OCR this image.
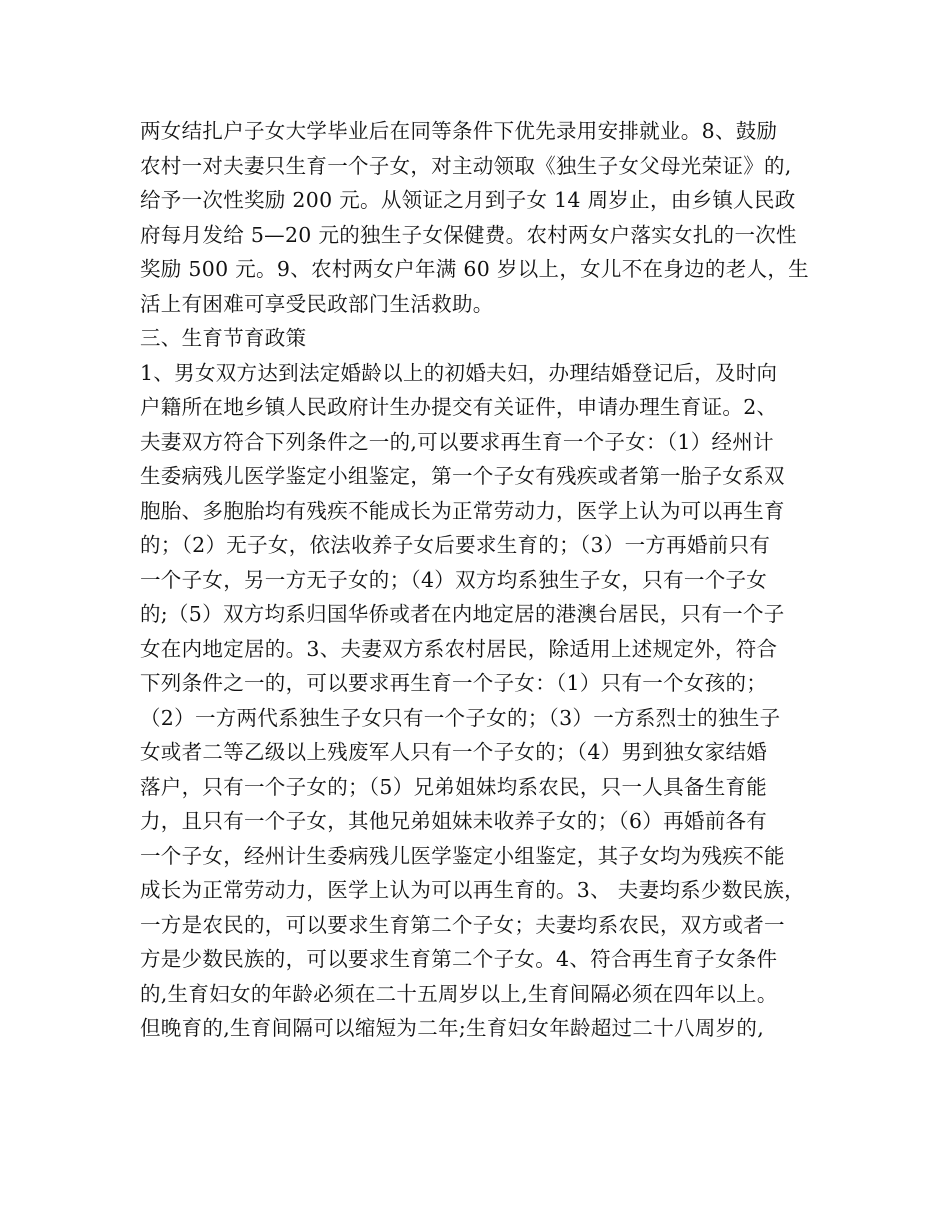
两女结扎户子女大学毕业后在同等条件下优先录用安排就业。8、鼓励
农村一对夫妻只生育一个子女，对主动领取《独生子女父母光荣证》的,
给予一次性奖励 200 元。从领证之月到子女 14 周岁止，由乡镇人民政
府每月发给 5—20 元的独生子女保健费。农村两女户落实女扎的一次性
奖励 500 元。9、农村两女户年满 60 岁以上，女儿不在身边的老人，生
活上有困难可享受民政部门生活救助。
三、生育节育政策
1、男女双方达到法定婚龄以上的初婚夫妇，办理结婚登记后，及时向
户籍所在地乡镇人民政府计生办提交有关证件，申请办理生育证。2、
夫妻双方符合下列条件之一的,可以要求再生育一个子女：（1）经州计
生委病残儿医学鉴定小组鉴定，第一个子女有残疾或者第一胎子女系双
胞胎、多胞胎均有残疾不能成长为正常劳动力，医学上认为可以再生育
的；（2）无子女，依法收养子女后要求生育的；（3）一方再婚前只有
一个子女，另一方无子女的；（4）双方均系独生子女，只有一个子女
的;（5）双方均系归国华侨或者在内地定居的港澳台居民，只有一个子
女在内地定居的。3、夫妻双方系农村居民，除适用上述规定外，符合
下列条件之一的，可以要求再生育一个子女：（1）只有一个女孩的；
（2）一方两代系独生子女只有一个子女的；（3）一方系烈士的独生子
女或者二等乙级以上残废军人只有一个子女的；（4）男到独女家结婚
落户，只有一个子女的；（5）兄弟姐妹均系农民，只一人具备生育能
力，且只有一个子女，其他兄弟姐妹未收养子女的；（6）再婚前各有
一个子女，经州计生委病残儿医学鉴定小组鉴定，其子女均为残疾不能
成长为正常劳动力，医学上认为可以再生育的。3、 夫妻均系少数民族，
一方是农民的，可以要求生育第二个子女；夫妻均系农民，双方或者一
方是少数民族的，可以要求生育第二个子女。4、符合再生育子女条件
的,生育妇女的年龄必须在二十五周岁以上,生育间隔必须在四年以上。
但晚育的,生育间隔可以缩短为二年;生育妇女年龄超过二十八周岁的,
